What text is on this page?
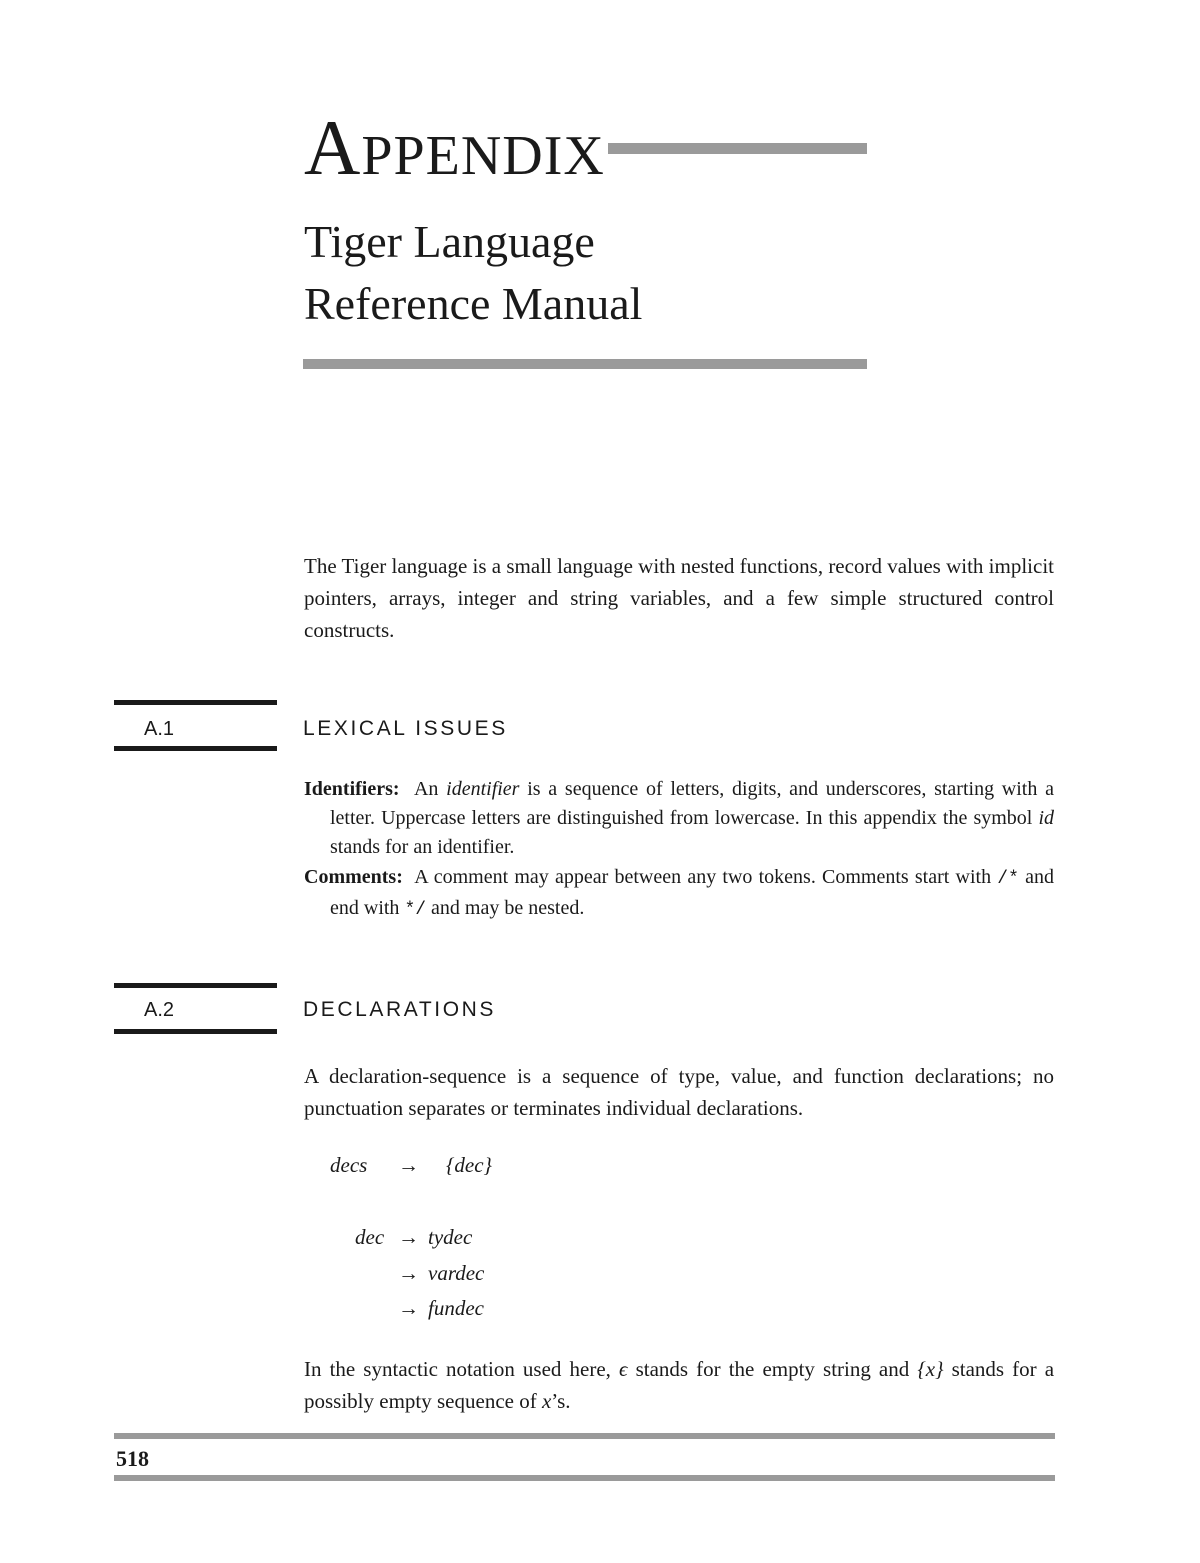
APPENDIX
Tiger Language
Reference Manual

The Tiger language is a small language with nested functions, record values with implicit pointers, arrays, integer and string variables, and a few simple structured control constructs.

A.1	LEXICAL ISSUES

Identifiers: An identifier is a sequence of letters, digits, and underscores, starting with a letter. Uppercase letters are distinguished from lowercase. In this appendix the symbol id stands for an identifier.

Comments: A comment may appear between any two tokens. Comments start with /* and end with */ and may be nested.

A.2	DECLARATIONS

A declaration-sequence is a sequence of type, value, and function declarations; no punctuation separates or terminates individual declarations.

decs → {dec}
dec → tydec
→ vardec
→ fundec

In the syntactic notation used here, ϵ stands for the empty string and {x} stands for a possibly empty sequence of x’s.

518
